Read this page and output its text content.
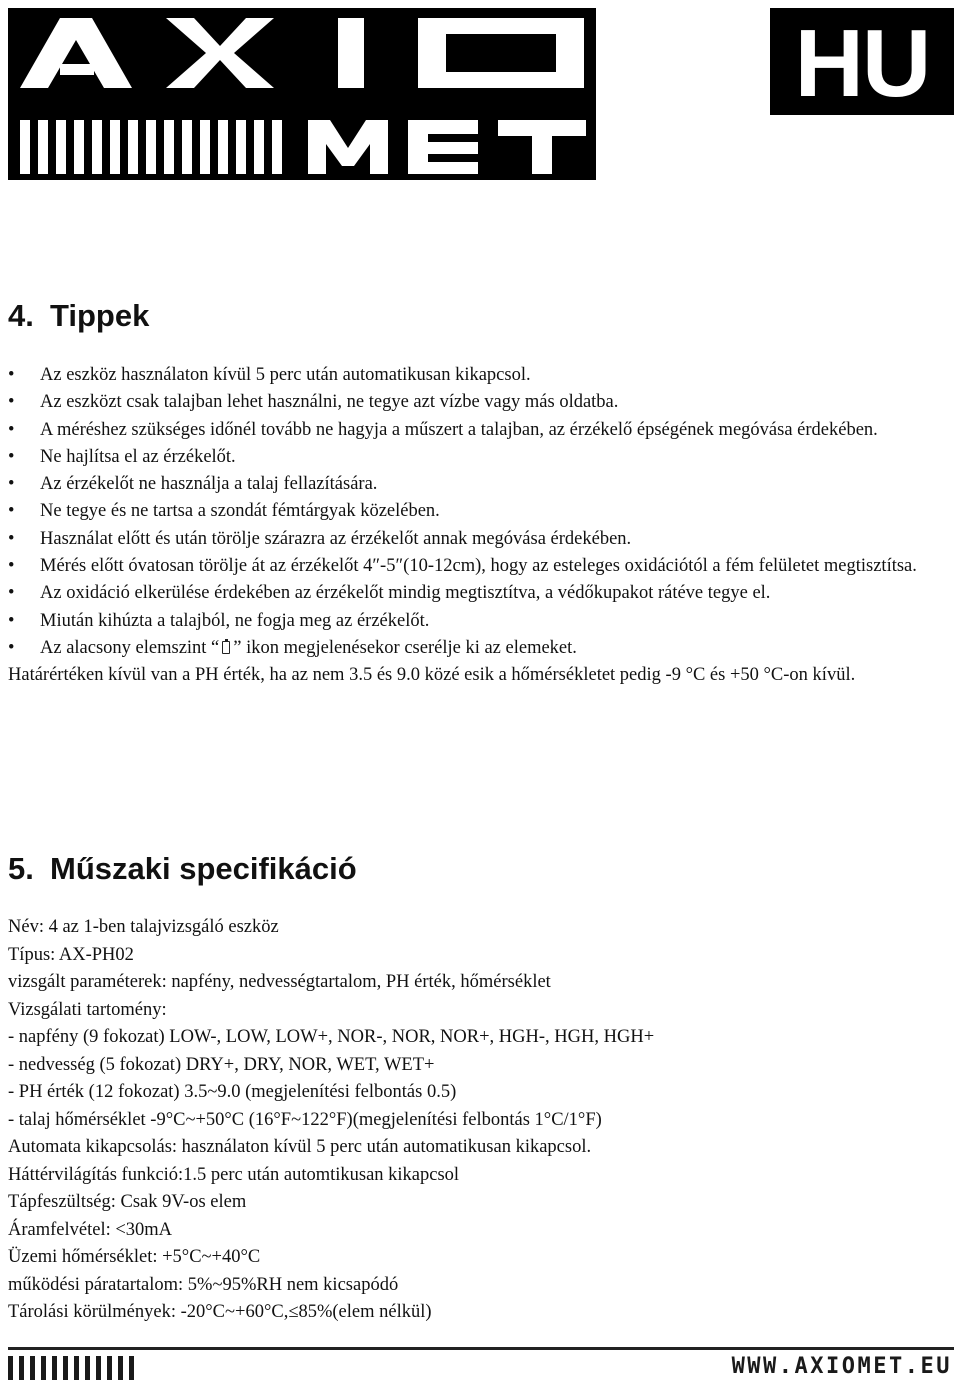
HU
4. Tippek
• Az eszköz használaton kívül 5 perc után automatikusan kikapcsol.
• Az eszközt csak talajban lehet használni, ne tegye azt vízbe vagy más oldatba.
• A méréshez szükséges időnél tovább ne hagyja a műszert a talajban, az érzékelő épségének megóvása érdekében.
• Ne hajlítsa el az érzékelőt.
• Az érzékelőt ne használja a talaj fellazítására.
• Ne tegye és ne tartsa a szondát fémtárgyak közelében.
• Használat előtt és után törölje szárazra az érzékelőt annak megóvása érdekében.
• Mérés előtt óvatosan törölje át az érzékelőt 4″-5″(10-12cm), hogy az esteleges oxidációtól a fém felületet megtisztítsa.
• Az oxidáció elkerülése érdekében az érzékelőt mindig megtisztítva, a védőkupakot rátéve tegye el.
• Miután kihúzta a talajból, ne fogja meg az érzékelőt.
• Az alacsony elemszint “ ” ikon megjelenésekor cserélje ki az elemeket.
Határértéken kívül van a PH érték, ha az nem 3.5 és 9.0 közé esik a hőmérsékletet pedig -9 °C és +50 °C-on kívül.
5. Műszaki specifikáció
Név: 4 az 1-ben talajvizsgáló eszköz
Típus: AX-PH02
vizsgált paraméterek: napfény, nedvességtartalom, PH érték, hőmérséklet
Vizsgálati tartomény:
- napfény (9 fokozat) LOW-, LOW, LOW+, NOR-, NOR, NOR+, HGH-, HGH, HGH+
- nedvesség (5 fokozat) DRY+, DRY, NOR, WET, WET+
- PH érték (12 fokozat) 3.5~9.0 (megjelenítési felbontás 0.5)
- talaj hőmérséklet -9°C~+50°C (16°F~122°F)(megjelenítési felbontás 1°C/1°F)
Automata kikapcsolás: használaton kívül 5 perc után automatikusan kikapcsol.
Háttérvilágítás funkció:1.5 perc után automtikusan kikapcsol
Tápfeszültség: Csak 9V-os elem
Áramfelvétel: <30mA
Üzemi hőmérséklet: +5°C~+40°C
működési páratartalom: 5%~95%RH nem kicsapódó
Tárolási körülmények: -20°C~+60°C,≤85%(elem nélkül)
WWW.AXIOMET.EU
